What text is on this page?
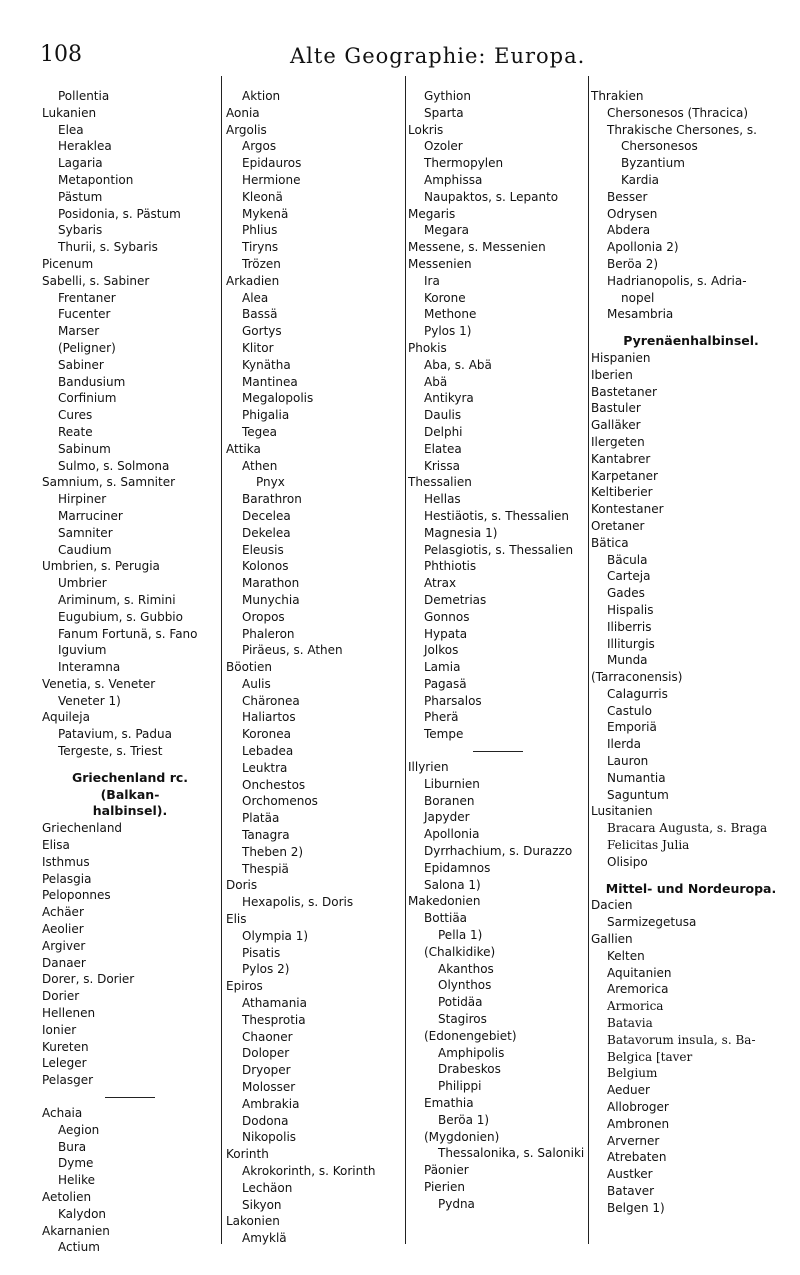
108	Alte Geographie: Europa.
Pollentia
Lukanien
Elea
Heraklea
Lagaria
Metapontion
Pästum
Posidonia, s. Pästum
Sybaris
Thurii, s. Sybaris
Picenum
Sabelli, s. Sabiner
Frentaner
Fucenter
Marser
(Peligner)
Sabiner
Bandusium
Corfinium
Cures
Reate
Sabinum
Sulmo, s. Solmona
Samnium, s. Samniter
Hirpiner
Marruciner
Samniter
Caudium
Umbrien, s. Perugia
Umbrier
Ariminum, s. Rimini
Eugubium, s. Gubbio
Fanum Fortunä, s. Fano
Iguvium
Interamna
Venetia, s. Veneter
Veneter 1)
Aquileja
Patavium, s. Padua
Tergeste, s. Triest
Griechenland rc. (Balkan-
halbinsel).
Griechenland
Elisa
Isthmus
Pelasgia
Peloponnes
Achäer
Aeolier
Argiver
Danaer
Dorer, s. Dorier
Dorier
Hellenen
Ionier
Kureten
Leleger
Pelasger
Achaia
Aegion
Bura
Dyme
Helike
Aetolien
Kalydon
Akarnanien
Actium
Aktion
Aonia
Argolis
Argos
Epidauros
Hermione
Kleonä
Mykenä
Phlius
Tiryns
Trözen
Arkadien
Alea
Bassä
Gortys
Klitor
Kynätha
Mantinea
Megalopolis
Phigalia
Tegea
Attika
Athen
Pnyx
Barathron
Decelea
Dekelea
Eleusis
Kolonos
Marathon
Munychia
Oropos
Phaleron
Piräeus, s. Athen
Böotien
Aulis
Chäronea
Haliartos
Koronea
Lebadea
Leuktra
Onchestos
Orchomenos
Platäa
Tanagra
Theben 2)
Thespiä
Doris
Hexapolis, s. Doris
Elis
Olympia 1)
Pisatis
Pylos 2)
Epiros
Athamania
Thesprotia
Chaoner
Doloper
Dryoper
Molosser
Ambrakia
Dodona
Nikopolis
Korinth
Akrokorinth, s. Korinth
Lechäon
Sikyon
Lakonien
Amyklä
Gythion
Sparta
Lokris
Ozoler
Thermopylen
Amphissa
Naupaktos, s. Lepanto
Megaris
Megara
Messene, s. Messenien
Messenien
Ira
Korone
Methone
Pylos 1)
Phokis
Aba, s. Abä
Abä
Antikyra
Daulis
Delphi
Elatea
Krissa
Thessalien
Hellas
Hestiäotis, s. Thessalien
Magnesia 1)
Pelasgiotis, s. Thessalien
Phthiotis
Atrax
Demetrias
Gonnos
Hypata
Jolkos
Lamia
Pagasä
Pharsalos
Pherä
Tempe
Illyrien
Liburnien
Boranen
Japyder
Apollonia
Dyrrhachium, s. Durazzo
Epidamnos
Salona 1)
Makedonien
Bottiäa
Pella 1)
(Chalkidike)
Akanthos
Olynthos
Potidäa
Stagiros
(Edonengebiet)
Amphipolis
Drabeskos
Philippi
Emathia
Beröa 1)
(Mygdonien)
Thessalonika, s. Saloniki
Päonier
Pierien
Pydna
Thrakien
Chersonesos (Thracica)
Thrakische Chersones, s.
Chersonesos
Byzantium
Kardia
Besser
Odrysen
Abdera
Apollonia 2)
Beröa 2)
Hadrianopolis, s. Adria-
nopel
Mesambria
Pyrenäenhalbinsel.
Hispanien
Iberien
Bastetaner
Bastuler
Galläker
Ilergeten
Kantabrer
Karpetaner
Keltiberier
Kontestaner
Oretaner
Bätica
Bäcula
Carteja
Gades
Hispalis
Iliberris
Illiturgis
Munda
(Tarraconensis)
Calagurris
Castulo
Emporiä
Ilerda
Lauron
Numantia
Saguntum
Lusitanien
Bracara Augusta, s. Braga
Felicitas Julia
Olisipo
Mittel- und Nordeuropa.
Dacien
Sarmizegetusa
Gallien
Kelten
Aquitanien
Aremorica
Armorica
Batavia
Batavorum insula, s. Ba-
Belgica [taver
Belgium
Aeduer
Allobroger
Ambronen
Arverner
Atrebaten
Austker
Bataver
Belgen 1)
